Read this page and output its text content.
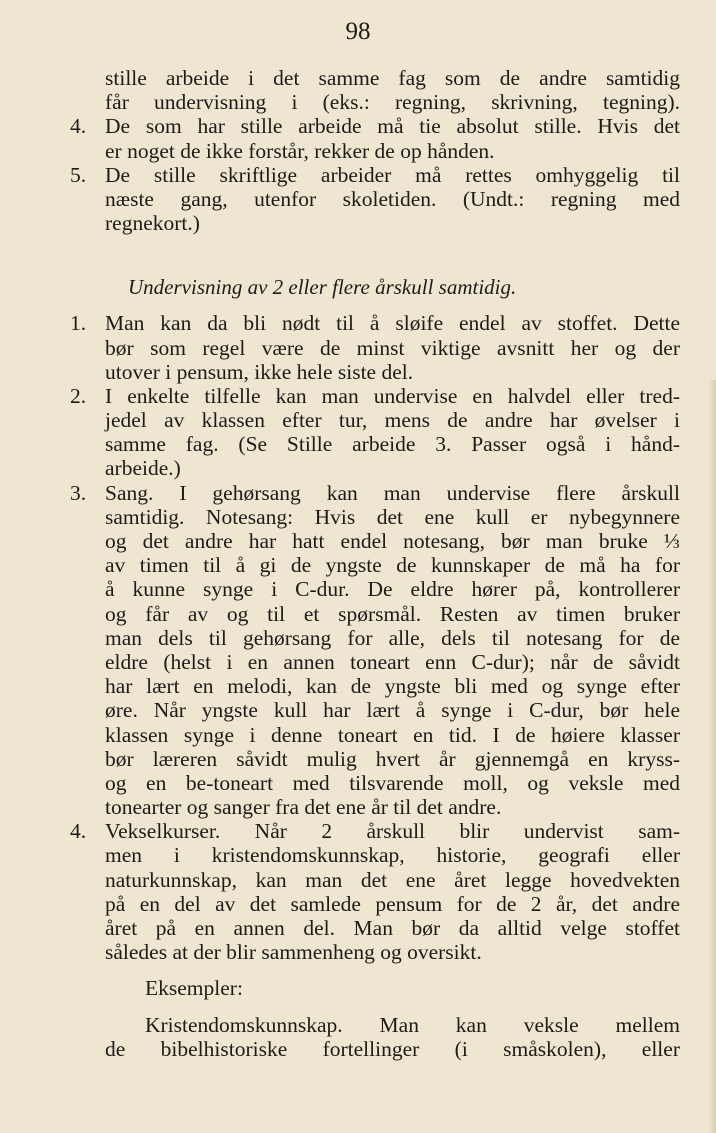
98
stille arbeide i det samme fag som de andre samtidig
får undervisning i (eks.: regning, skrivning, tegning).
4. De som har stille arbeide må tie absolut stille. Hvis det
er noget de ikke forstår, rekker de op hånden.
5. De stille skriftlige arbeider må rettes omhyggelig til
næste gang, utenfor skoletiden. (Undt.: regning med
regnekort.)
Undervisning av 2 eller flere årskull samtidig.
1. Man kan da bli nødt til å sløife endel av stoffet. Dette
bør som regel være de minst viktige avsnitt her og der
utover i pensum, ikke hele siste del.
2. I enkelte tilfelle kan man undervise en halvdel eller tred-
jedel av klassen efter tur, mens de andre har øvelser i
samme fag. (Se Stille arbeide 3. Passer også i hånd-
arbeide.)
3. Sang. I gehørsang kan man undervise flere årskull
samtidig. Notesang: Hvis det ene kull er nybegynnere
og det andre har hatt endel notesang, bør man bruke ⅓
av timen til å gi de yngste de kunnskaper de må ha for
å kunne synge i C-dur. De eldre hører på, kontrollerer
og får av og til et spørsmål. Resten av timen bruker
man dels til gehørsang for alle, dels til notesang for de
eldre (helst i en annen toneart enn C-dur); når de såvidt
har lært en melodi, kan de yngste bli med og synge efter
øre. Når yngste kull har lært å synge i C-dur, bør hele
klassen synge i denne toneart en tid. I de høiere klasser
bør læreren såvidt mulig hvert år gjennemgå en kryss-
og en be-toneart med tilsvarende moll, og veksle med
tonearter og sanger fra det ene år til det andre.
4. Vekselkurser. Når 2 årskull blir undervist sam-
men i kristendomskunnskap, historie, geografi eller
naturkunnskap, kan man det ene året legge hovedvekten
på en del av det samlede pensum for de 2 år, det andre
året på en annen del. Man bør da alltid velge stoffet
således at der blir sammenheng og oversikt.
Eksempler:
Kristendomskunnskap. Man kan veksle mellem
de bibelhistoriske fortellinger (i småskolen), eller
